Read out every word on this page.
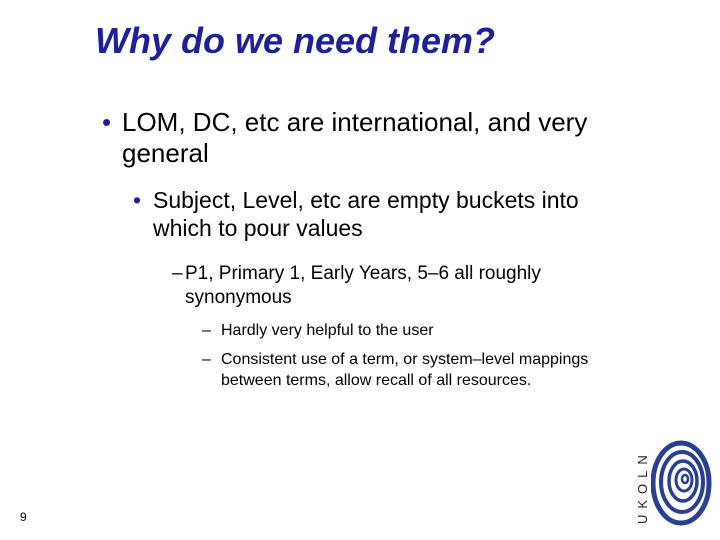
Why do we need them?
• LOM, DC, etc are international, and very general
• Subject, Level, etc are empty buckets into which to pour values
– P1, Primary 1, Early Years, 5–6 all roughly synonymous
– Hardly very helpful to the user
– Consistent use of a term, or system–level mappings between terms, allow recall of all resources.
9	UKOLN
